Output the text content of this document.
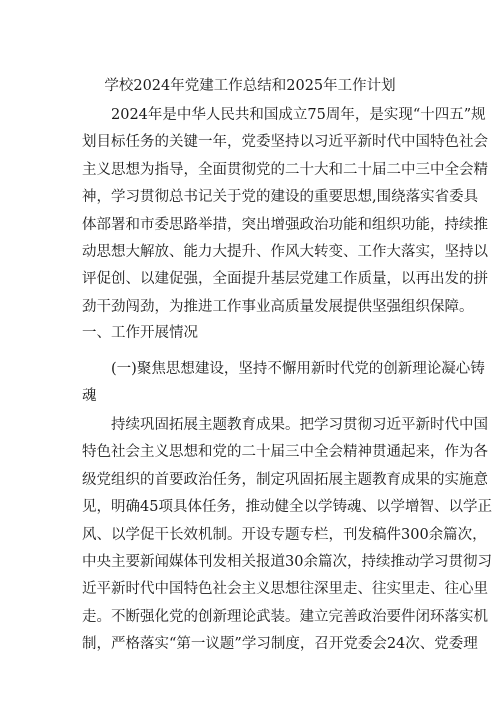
学校2024年党建工作总结和2025年工作计划
2024年是中华人民共和国成立75周年，是实现“十四五”规
划目标任务的关键一年，党委坚持以习近平新时代中国特色社会
主义思想为指导，全面贯彻党的二十大和二十届二中三中全会精
神，学习贯彻总书记关于党的建设的重要思想,围绕落实省委具
体部署和市委思路举措，突出增强政治功能和组织功能，持续推
动思想大解放、能力大提升、作风大转变、工作大落实，坚持以
评促创、以建促强，全面提升基层党建工作质量，以再出发的拼
劲干劲闯劲，为推进工作事业高质量发展提供坚强组织保障。
一、工作开展情况
(一)聚焦思想建设，坚持不懈用新时代党的创新理论凝心铸
魂
持续巩固拓展主题教育成果。把学习贯彻习近平新时代中国
特色社会主义思想和党的二十届三中全会精神贯通起来，作为各
级党组织的首要政治任务，制定巩固拓展主题教育成果的实施意
见，明确45项具体任务，推动健全以学铸魂、以学增智、以学正
风、以学促干长效机制。开设专题专栏，刊发稿件300余篇次，
中央主要新闻媒体刊发相关报道30余篇次，持续推动学习贯彻习
近平新时代中国特色社会主义思想往深里走、往实里走、往心里
走。不断强化党的创新理论武装。建立完善政治要件闭环落实机
制，严格落实“第一议题”学习制度，召开党委会24次、党委理
